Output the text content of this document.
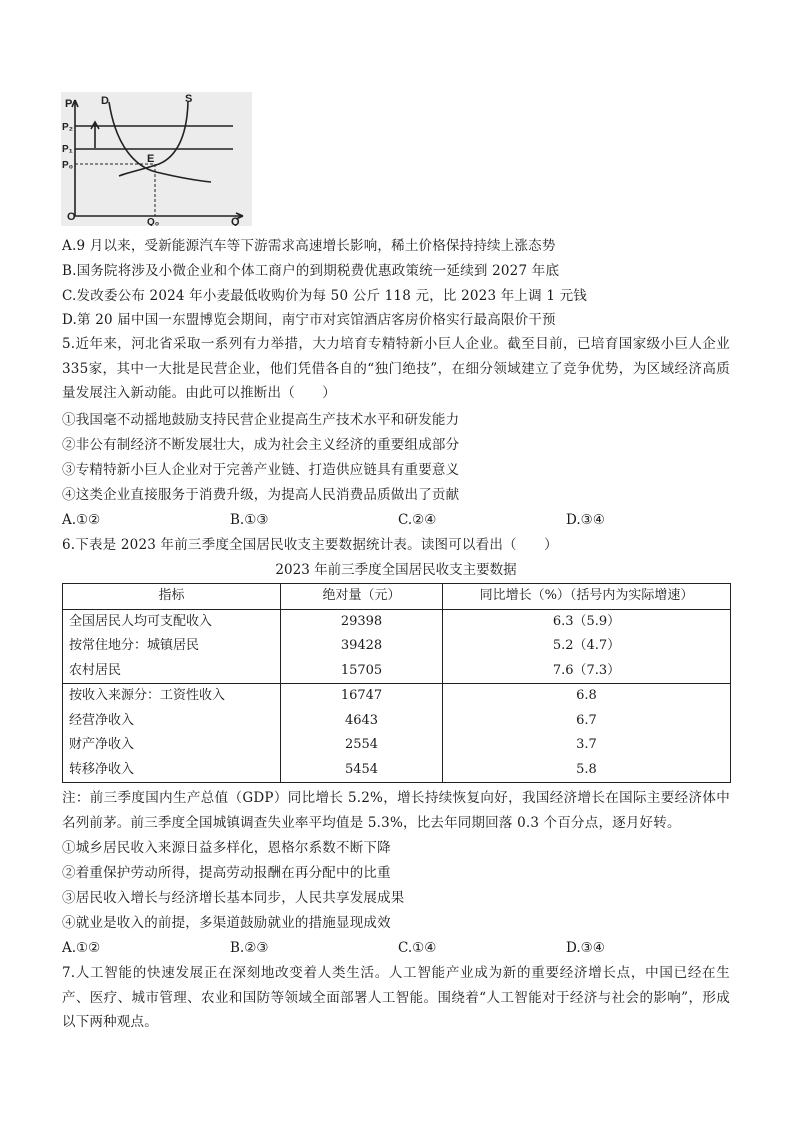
P
O	Q
D	S
E
P₂
P₁
P₀
Q₀
A.9 月以来，受新能源汽车等下游需求高速增长影响，稀土价格保持持续上涨态势
B.国务院将涉及小微企业和个体工商户的到期税费优惠政策统一延续到 2027 年底
C.发改委公布 2024 年小麦最低收购价为每 50 公斤 118 元，比 2023 年上调 1 元钱
D.第 20 届中国一东盟博览会期间，南宁市对宾馆酒店客房价格实行最高限价干预
5.近年来，河北省采取一系列有力举措，大力培育专精特新小巨人企业。截至目前，已培育国家级小巨人企业 335家，其中一大批是民营企业，他们凭借各自的“独门绝技”，在细分领域建立了竞争优势，为区域经济高质量发展注入新动能。由此可以推断出（　　）
①我国毫不动摇地鼓励支持民营企业提高生产技术水平和研发能力
②非公有制经济不断发展壮大，成为社会主义经济的重要组成部分
③专精特新小巨人企业对于完善产业链、打造供应链具有重要意义
④这类企业直接服务于消费升级，为提高人民消费品质做出了贡献
A.①②	B.①③	C.②④	D.③④
6.下表是 2023 年前三季度全国居民收支主要数据统计表。读图可以看出（　　）
2023 年前三季度全国居民收支主要数据
指标	绝对量（元）	同比增长（%）（括号内为实际增速）
全国居民人均可支配收入	29398	6.3（5.9）
按常住地分：城镇居民	39428	5.2（4.7）
农村居民	15705	7.6（7.3）
按收入来源分：工资性收入	16747	6.8
经营净收入	4643	6.7
财产净收入	2554	3.7
转移净收入	5454	5.8
注：前三季度国内生产总值（GDP）同比增长 5.2%，增长持续恢复向好，我国经济增长在国际主要经济体中名列前茅。前三季度全国城镇调查失业率平均值是 5.3%，比去年同期回落 0.3 个百分点，逐月好转。
①城乡居民收入来源日益多样化，恩格尔系数不断下降
②着重保护劳动所得，提高劳动报酬在再分配中的比重
③居民收入增长与经济增长基本同步，人民共享发展成果
④就业是收入的前提，多渠道鼓励就业的措施显现成效
A.①②	B.②③	C.①④	D.③④
7.人工智能的快速发展正在深刻地改变着人类生活。人工智能产业成为新的重要经济增长点，中国已经在生产、医疗、城市管理、农业和国防等领域全面部署人工智能。围绕着“人工智能对于经济与社会的影响”，形成以下两种观点。
